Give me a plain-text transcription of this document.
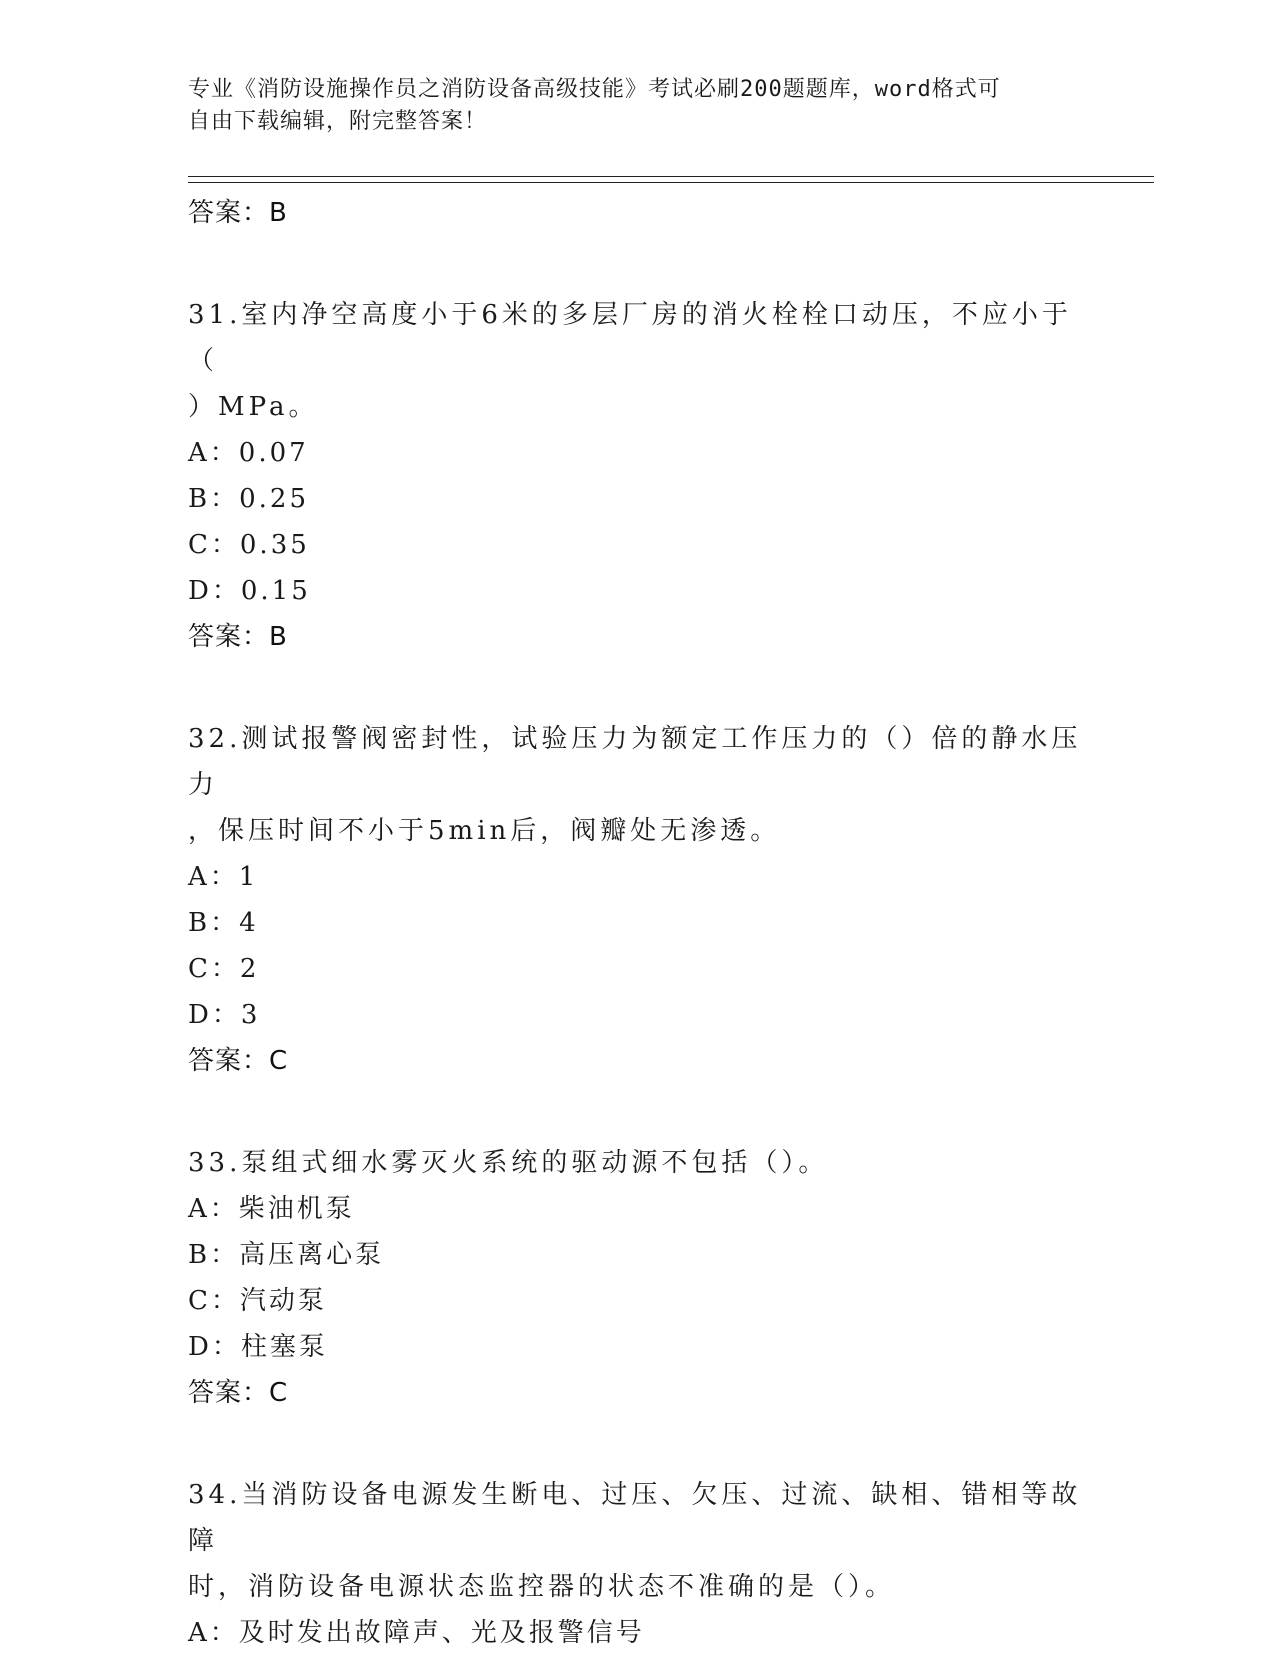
专业《消防设施操作员之消防设备高级技能》考试必刷200题题库，word格式可
自由下载编辑，附完整答案！
答案：B
31.室内净空高度小于6米的多层厂房的消火栓栓口动压，不应小于（
）MPa。
A：0.07
B：0.25
C：0.35
D：0.15
答案：B
32.测试报警阀密封性，试验压力为额定工作压力的（）倍的静水压力
，保压时间不小于5min后，阀瓣处无渗透。
A：1
B：4
C：2
D：3
答案：C
33.泵组式细水雾灭火系统的驱动源不包括（）。
A：柴油机泵
B：高压离心泵
C：汽动泵
D：柱塞泵
答案：C
34.当消防设备电源发生断电、过压、欠压、过流、缺相、错相等故障
时，消防设备电源状态监控器的状态不准确的是（）。
A：及时发出故障声、光及报警信号
